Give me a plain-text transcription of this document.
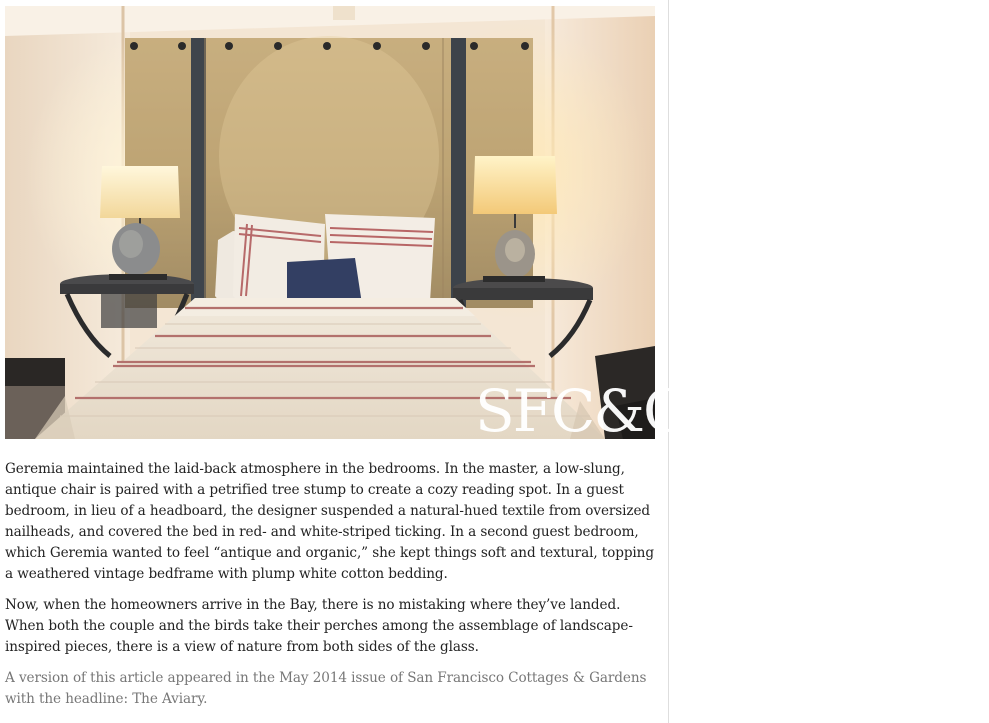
SFC&G

Geremia maintained the laid-back atmosphere in the bedrooms. In the master, a low-slung, antique chair is paired with a petrified tree stump to create a cozy reading spot. In a guest bedroom, in lieu of a headboard, the designer suspended a natural-hued textile from oversized nailheads, and covered the bed in red- and white-striped ticking. In a second guest bedroom, which Geremia wanted to feel “antique and organic,” she kept things soft and textural, topping a weathered vintage bedframe with plump white cotton bedding.

Now, when the homeowners arrive in the Bay, there is no mistaking where they’ve landed. When both the couple and the birds take their perches among the assemblage of landscape-inspired pieces, there is a view of nature from both sides of the glass.

A version of this article appeared in the May 2014 issue of San Francisco Cottages & Gardens with the headline: The Aviary.
